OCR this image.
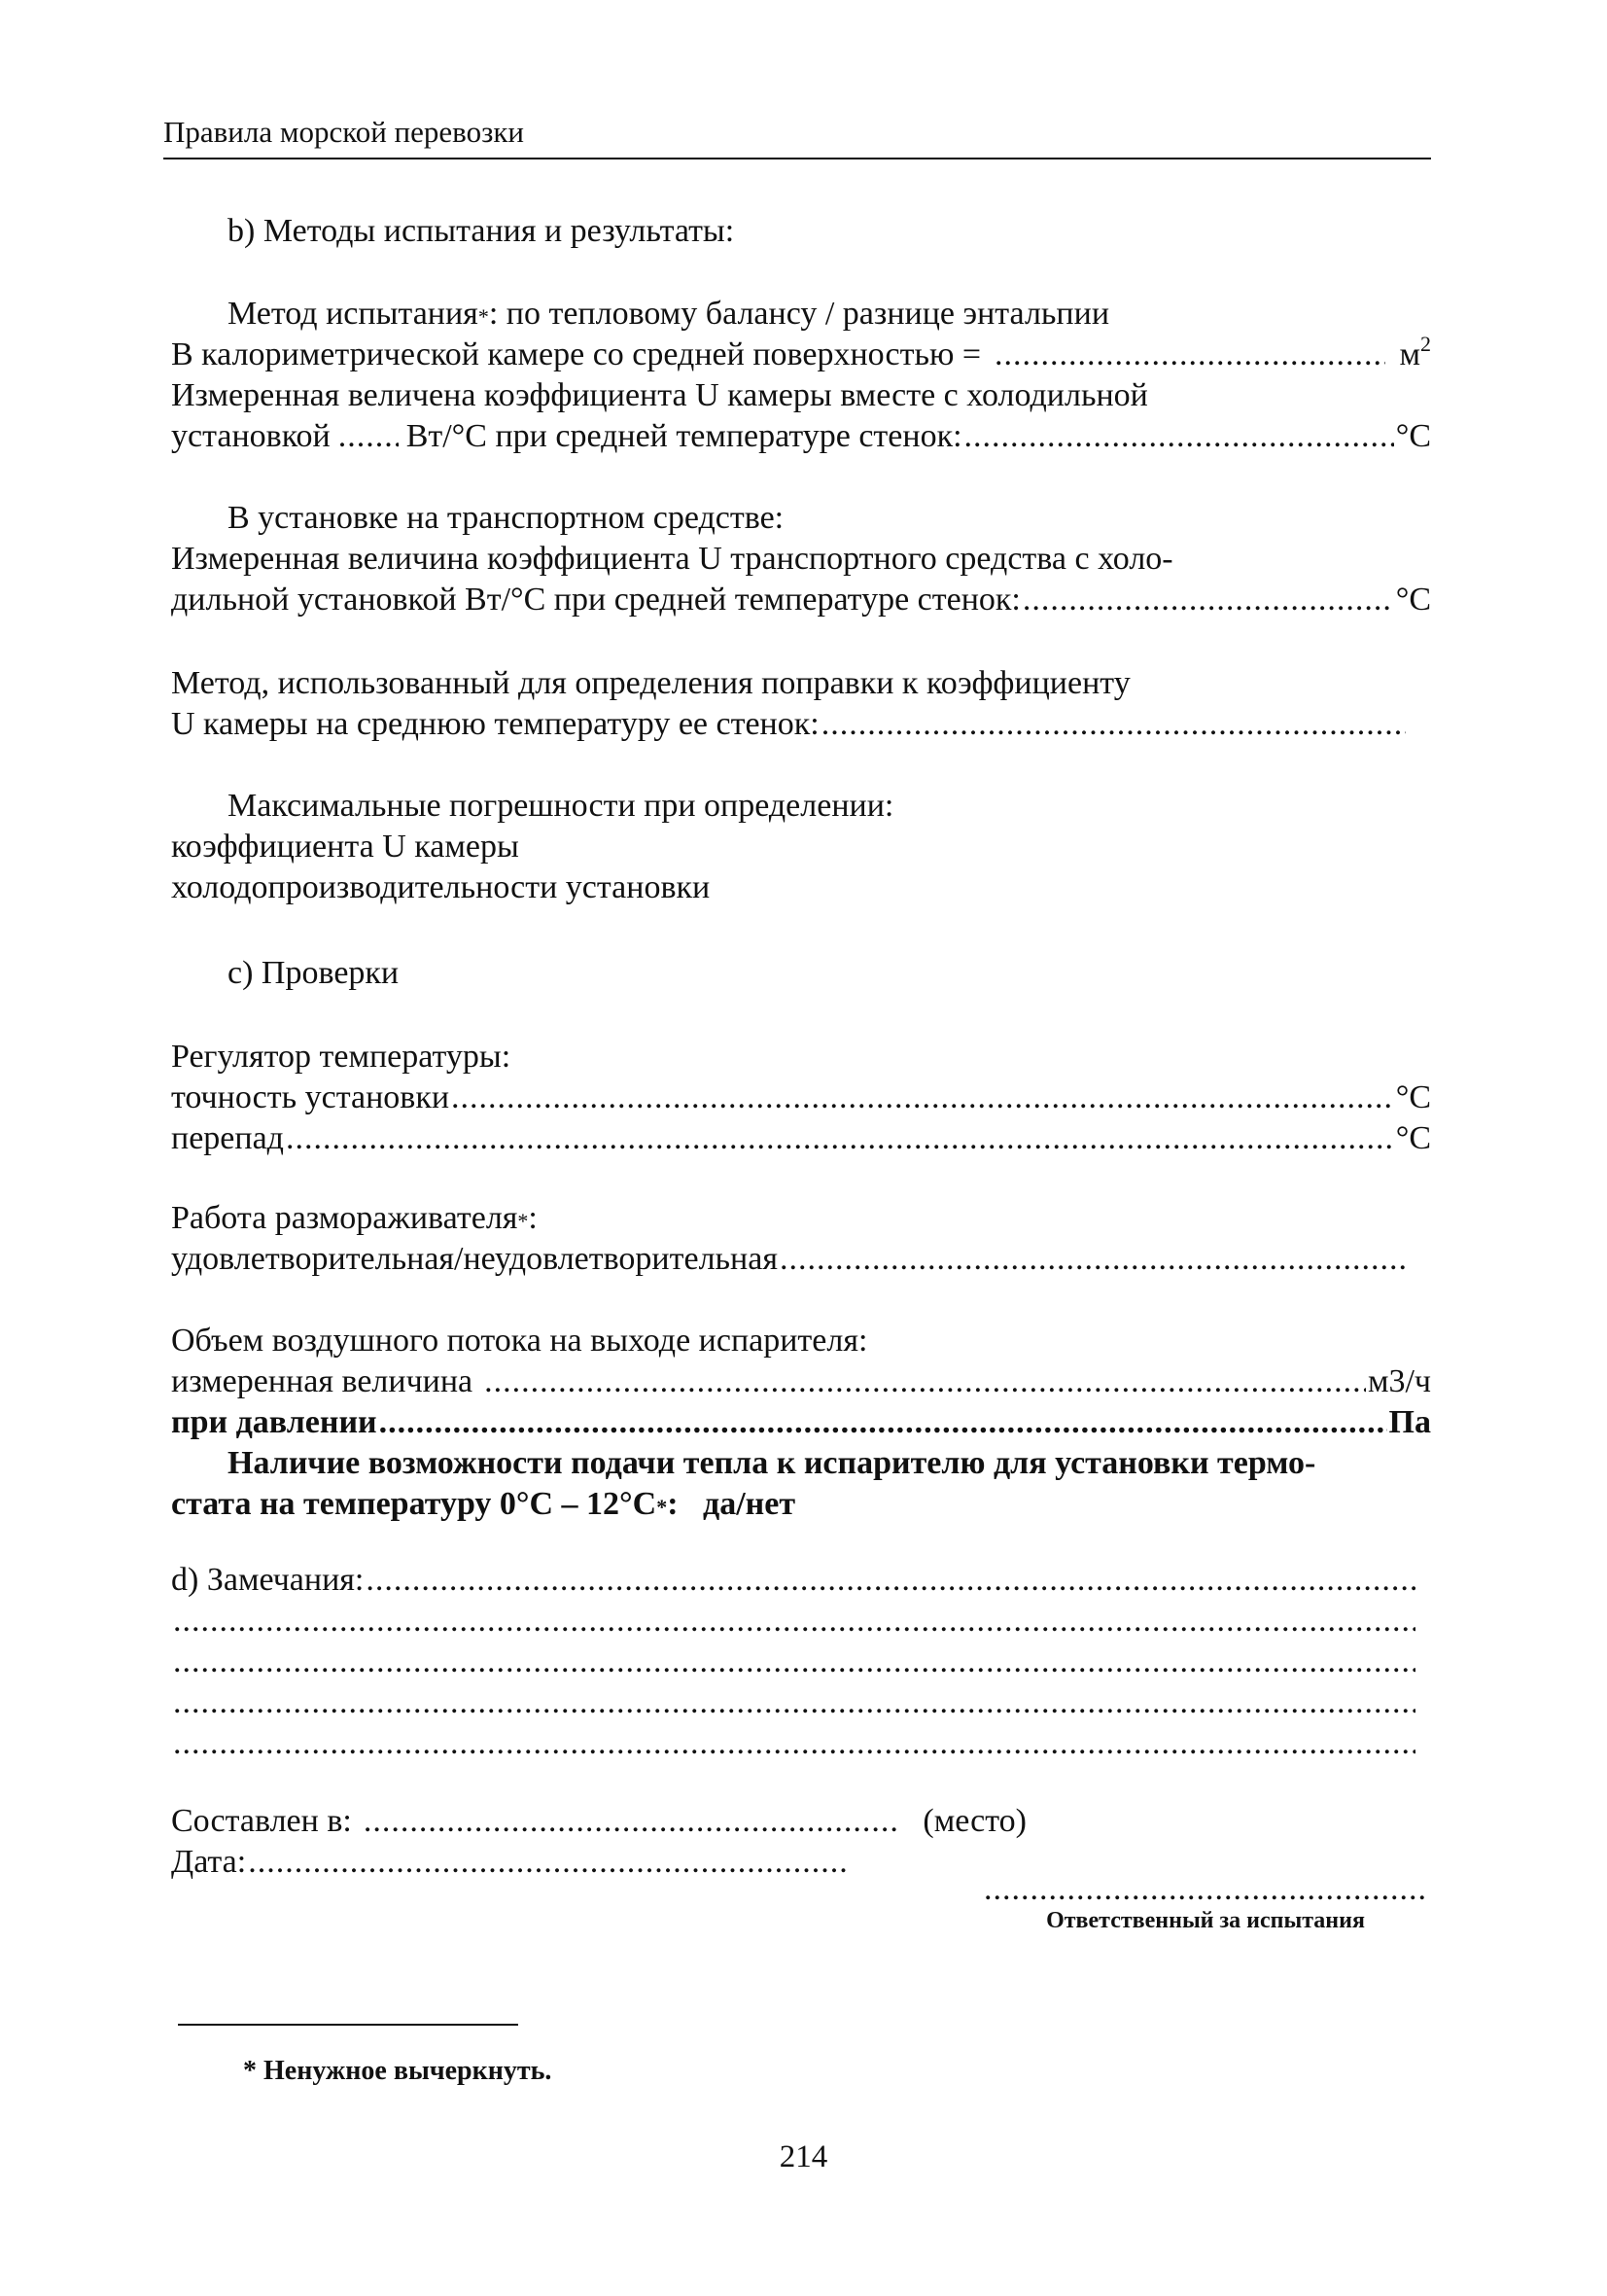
Правила морской перевозки
b) Методы испытания и результаты:
Метод испытания * : по тепловому балансу / разнице энтальпии
В калориметрической камере со средней поверхностью = .....	$м^2$
Измеренная величена коэффициента U камеры вместе с холодильной
установкой ..... Вт/°С при средней температуре стенок: .....	°С
В установке на транспортном средстве:
Измеренная величина коэффициента U транспортного средства с холо-
дильной установкой Вт/°С при средней температуре стенок: .....	°С
Метод, использованный для определения поправки к коэффициенту
U камеры на среднюю температуру ее стенок:
.....
Максимальные погрешности при определении:
коэффициента U камеры
холодопроизводительности установки
c) Проверки
Регулятор температуры:
точность установки .....	°С
перепад .....	°С
Работа размораживателя * :
удовлетворительная/неудовлетворительная
.....
Объем воздушного потока на выходе испарителя:
измеренная величина .....	м3/ч
при давлении .....	Па
Наличие возможности подачи тепла к испарителю для установки термо-
стата на температуру 0°С – 12°С * :   да/нет
d) Замечания:
.....
.....
.....
.....
.....
Составлен в: .....	(место)
Дата:
.....
.....
Ответственный за испытания
* Ненужное вычеркнуть.
214
